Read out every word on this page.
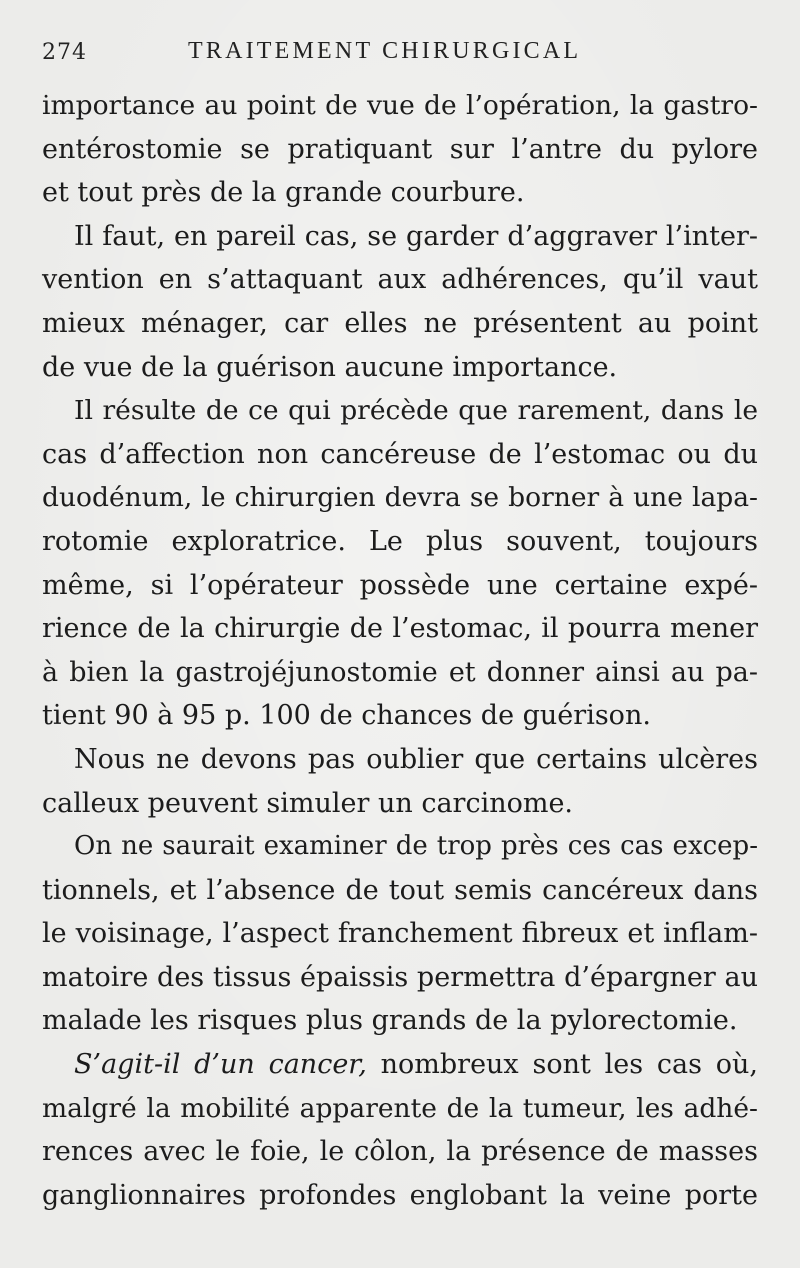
274	TRAITEMENT CHIRURGICAL
importance au point de vue de l’opération, la gastro-
entérostomie se pratiquant sur l’antre du pylore
et tout près de la grande courbure.
Il faut, en pareil cas, se garder d’aggraver l’inter-
vention en s’attaquant aux adhérences, qu’il vaut
mieux ménager, car elles ne présentent au point
de vue de la guérison aucune importance.
Il résulte de ce qui précède que rarement, dans le
cas d’affection non cancéreuse de l’estomac ou du
duodénum, le chirurgien devra se borner à une lapa-
rotomie exploratrice. Le plus souvent, toujours
même, si l’opérateur possède une certaine expé-
rience de la chirurgie de l’estomac, il pourra mener
à bien la gastrojéjunostomie et donner ainsi au pa-
tient 90 à 95 p. 100 de chances de guérison.
Nous ne devons pas oublier que certains ulcères
calleux peuvent simuler un carcinome.
On ne saurait examiner de trop près ces cas excep-
tionnels, et l’absence de tout semis cancéreux dans
le voisinage, l’aspect franchement fibreux et inflam-
matoire des tissus épaissis permettra d’épargner au
malade les risques plus grands de la pylorectomie.
S’agit-il d’un cancer, nombreux sont les cas où,
malgré la mobilité apparente de la tumeur, les adhé-
rences avec le foie, le côlon, la présence de masses
ganglionnaires profondes englobant la veine porte
